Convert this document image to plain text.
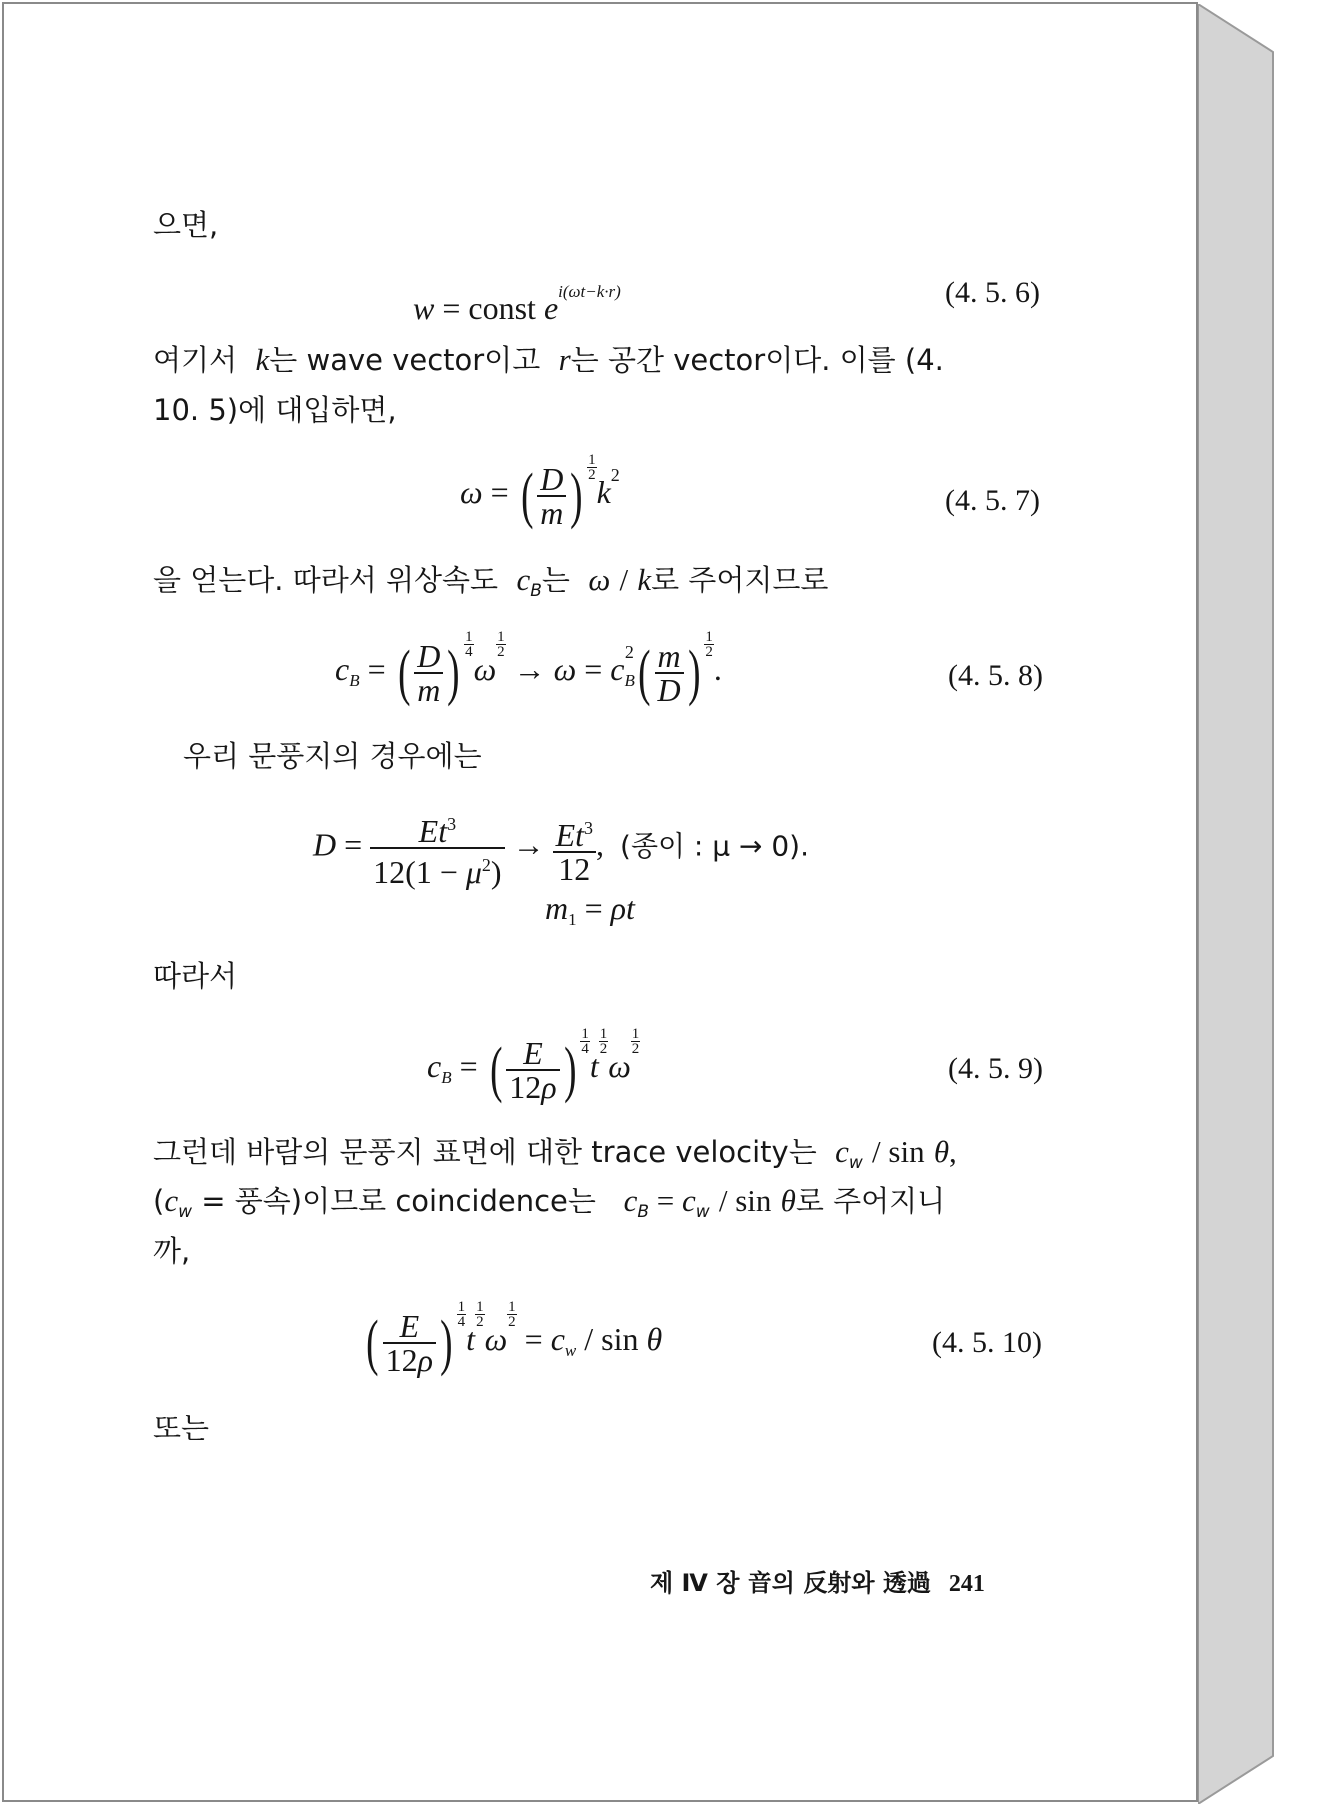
으면,
w = const $e^{i(\omega t-k\cdot r)}$	(4. 5. 6)
여기서 k는 wave vector이고 r는 공간 vector이다. 이를 (4.
10. 5)에 대입하면,
ω = ( $\frac{D}{m}$ ) $\frac{1}{2}$
$k^2$
(4. 5. 7)
을 얻는다. 따라서 위상속도 $c_B$는 ω / k로 주어지므로
$c_B$ = ( $\frac{D}{m}$ ) $\frac{1}{4}$
ω
$\frac{1}{2}$
→ $\omega = c_B^2( \frac{m}{D}$ ) $\frac{1}{2}$
.	(4. 5. 8)
우리 문풍지의 경우에는
$D = \frac{Et^3}{12(1 - \mu^2)} \to \frac{Et^3}{12}$ ,  (종이 : μ → 0).
m1 = ρt
따라서
$c_B$ = ( $\frac{E}{12\rho}$ ) $\frac{1}{4}$
t
$\frac{1}{2}$
ω
$\frac{1}{2}$
(4. 5. 9)
그런데 바람의 문풍지 표면에 대한 trace velocity는 $c_w$ / sin θ,
($c_w$ = 풍속)이므로 coincidence는 $c_B = c_w / \sin \theta$로 주어지니
까,
( $\frac{E}{12\rho}$ ) $\frac{1}{4}$
t
$\frac{1}{2}$
ω
$\frac{1}{2}$
= $c_w$ / sin θ	(4. 5. 10)
또는
제 Ⅳ 장 音의 反射와 透過 241
